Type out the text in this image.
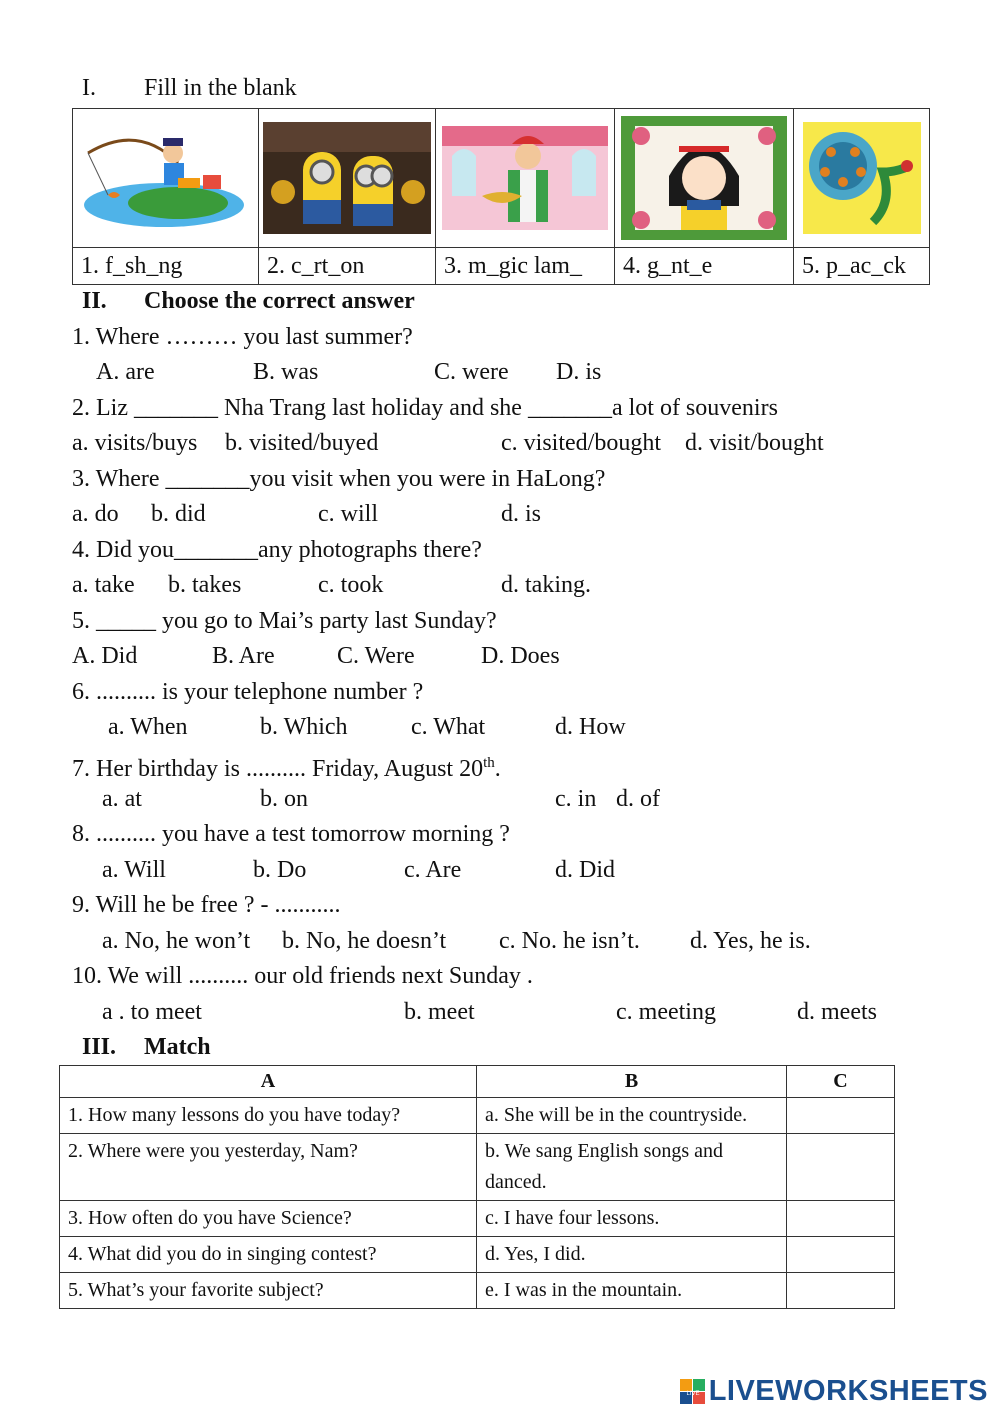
I. Fill in the blank

1. f_sh_ng	2. c_rt_on	3. m_gic lam_	4. g_nt_e	5. p_ac_ck
II. Choose the correct answer
1. Where ……… you last summer?
A. are	B. was	C. were D. is
2. Liz _______ Nha Trang last holiday and she _______a lot of souvenirs
a. visits/buys b. visited/buyed	c. visited/bought d. visit/bought
3. Where _______you visit when you were in HaLong?
a. do b. did	c. will	d. is
4. Did you_______any photographs there?
a. take b. takes	c. took	d. taking.
5. _____ you go to Mai’s party last Sunday?
A. Did	B. Are	C. Were	D. Does
6. .......... is your telephone number ?
a. When	b. Which	c. What	d. How
7. Her birthday is .......... Friday, August 20th.
a. at	b. on	c. in d. of
8. .......... you have a test tomorrow morning ?
a. Will	b. Do	c. Are	d. Did
9. Will he be free ? - ...........
a. No, he won’t b. No, he doesn’t c. No. he isn’t. d. Yes, he is.
10. We will .......... our old friends next Sunday .
a . to meet	b. meet	c. meeting	d. meets
III. Match
A	B	C
1. How many lessons do you have today?	a. She will be in the countryside.	
2. Where were you yesterday, Nam?	b. We sang English songs and danced.	
3. How often do you have Science?	c. I have four lessons.	
4. What did you do in singing contest?	d. Yes, I did.	
5. What’s your favorite subject?	e. I was in the mountain.	
LIVE LIVEWORKSHEETS
